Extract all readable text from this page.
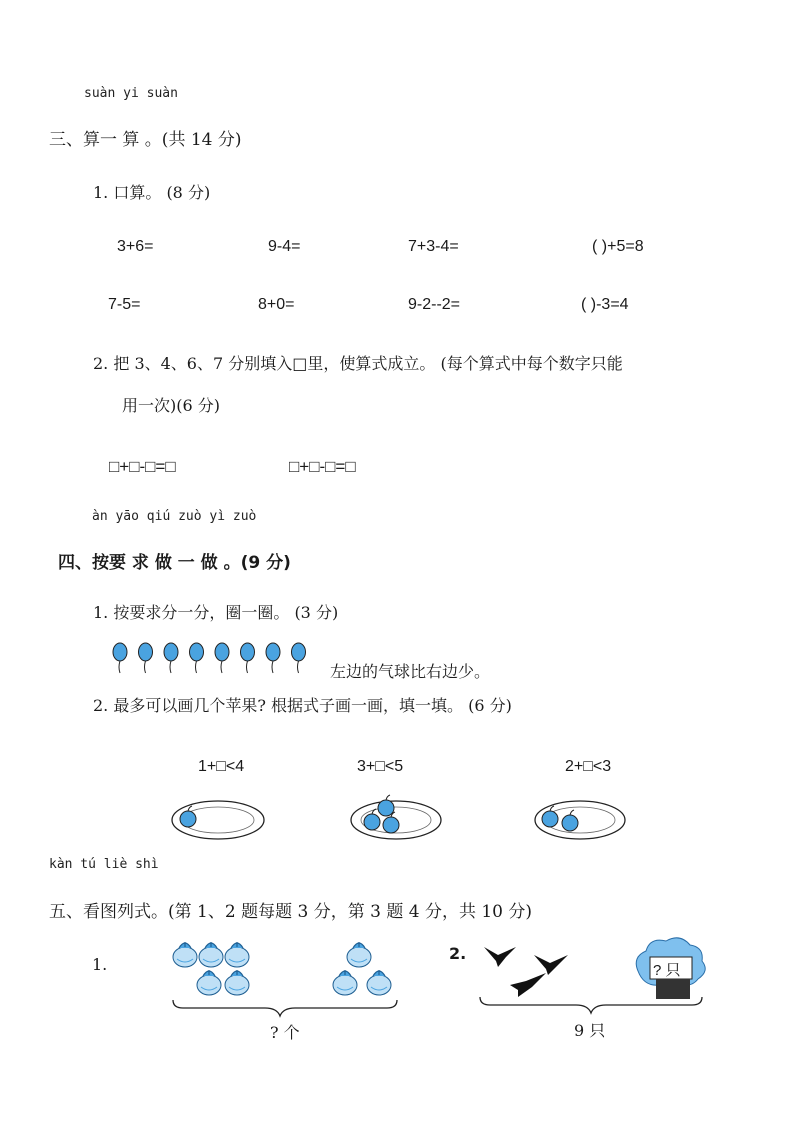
suàn yi suàn
三、算一 算 。(共 14 分)
1. 口算。 (8 分)
3+6=	9-4=	7+3-4=	( )+5=8
7-5=	8+0=	9-2--2=	( )-3=4
2. 把 3、4、6、7 分别填入□里，使算式成立。 (每个算式中每个数字只能
用一次)(6 分)
□+□-□=□	□+□-□=□
àn yāo qiú zuò yì zuò
四、按要 求 做 一 做 。(9 分)
1. 按要求分一分，圈一圈。 (3 分)
左边的气球比右边少。
2. 最多可以画几个苹果? 根据式子画一画，填一填。 (6 分)
1+□<4	3+□<5	2+□<3
kàn tú liè shì
五、看图列式。(第 1、2 题每题 3 分，第 3 题 4 分，共 10 分)
1.
? 个
2.
? 只
9 只
